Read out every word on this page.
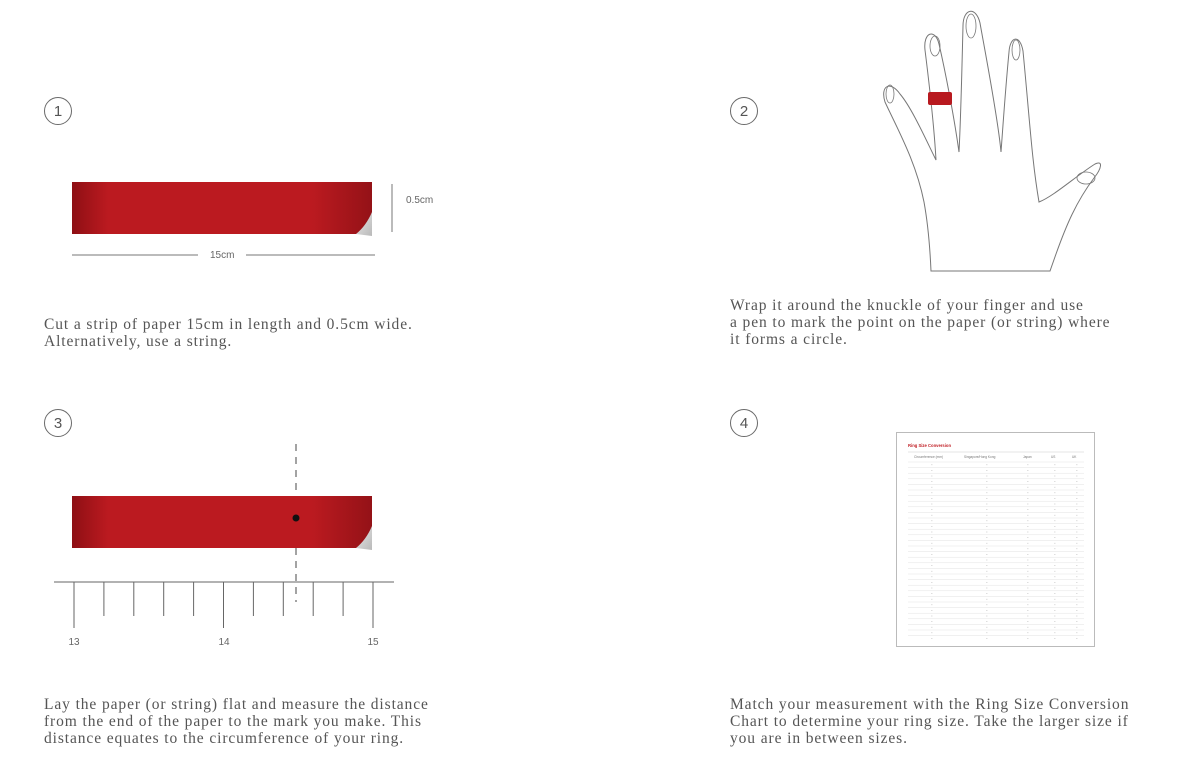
1
0.5cm
15cm
Cut a strip of paper 15cm in length and 0.5cm wide.
Alternatively, use a string.
2
Wrap it around the knuckle of your finger and use
a pen to mark the point on the paper (or string) where
it forms a circle.
3
13	14	15
Lay the paper (or string) flat and measure the distance
from the end of the paper to the mark you make. This
distance equates to the circumference of your ring.
4
Ring Size Conversion
Circumference (mm)	Singapore/Hong Kong	Japan	US	UK
Match your measurement with the Ring Size Conversion
Chart to determine your ring size. Take the larger size if
you are in between sizes.
